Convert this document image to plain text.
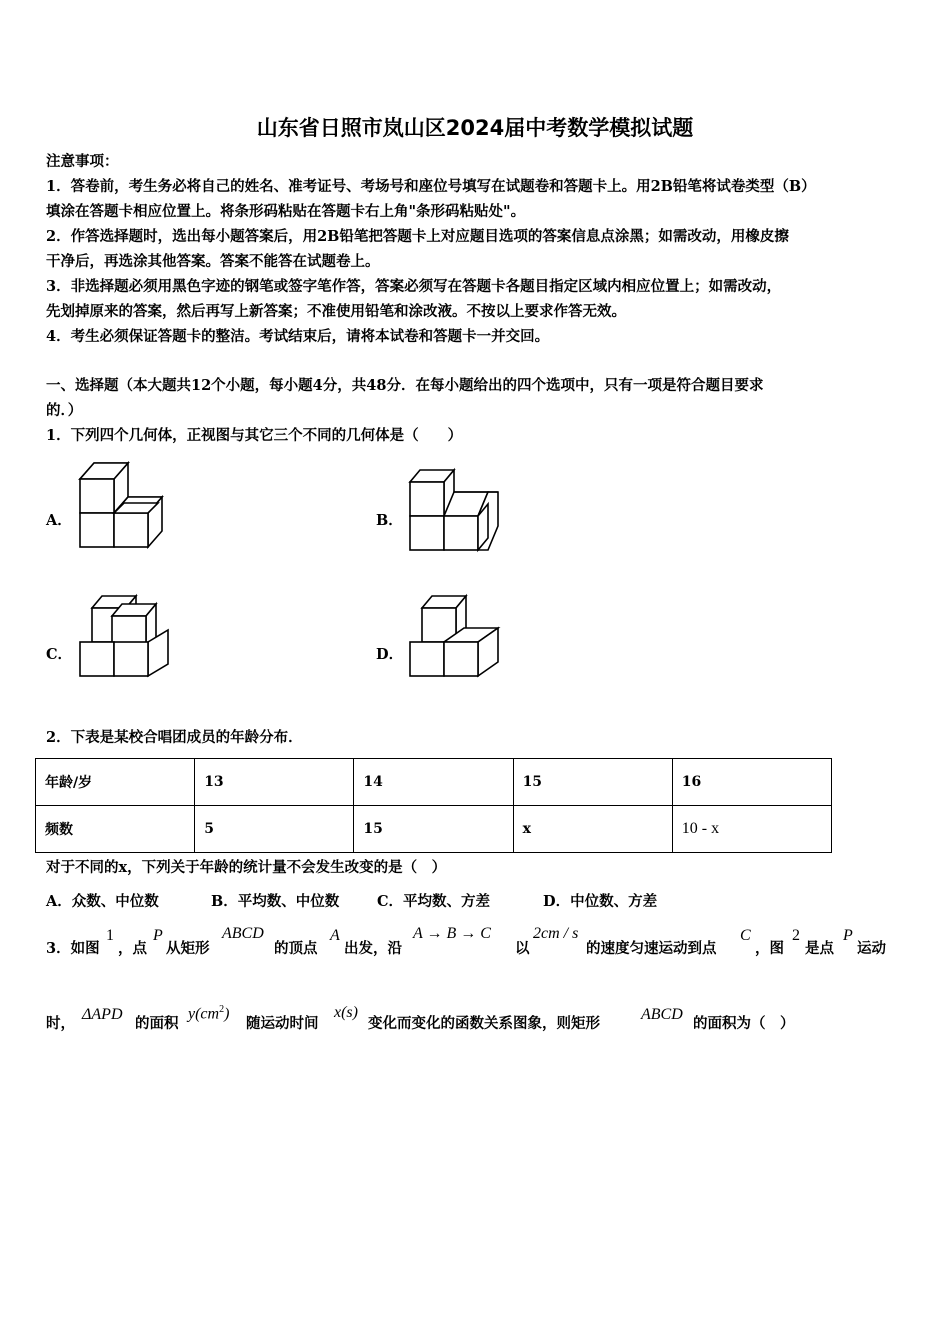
山东省日照市岚山区2024届中考数学模拟试题
注意事项：
1．答卷前，考生务必将自己的姓名、准考证号、考场号和座位号填写在试题卷和答题卡上。用2B铅笔将试卷类型（B）
填涂在答题卡相应位置上。将条形码粘贴在答题卡右上角"条形码粘贴处"。
2．作答选择题时，选出每小题答案后，用2B铅笔把答题卡上对应题目选项的答案信息点涂黑；如需改动，用橡皮擦
干净后，再选涂其他答案。答案不能答在试题卷上。
3．非选择题必须用黑色字迹的钢笔或签字笔作答，答案必须写在答题卡各题目指定区域内相应位置上；如需改动，
先划掉原来的答案，然后再写上新答案；不准使用铅笔和涂改液。不按以上要求作答无效。
4．考生必须保证答题卡的整洁。考试结束后，请将本试卷和答题卡一并交回。
一、选择题（本大题共12个小题，每小题4分，共48分．在每小题给出的四个选项中，只有一项是符合题目要求
的．）
1．下列四个几何体，正视图与其它三个不同的几何体是（　　）
A．	B．
C．	D．
2．下表是某校合唱团成员的年龄分布．
年龄/岁	13	14	15	16
频数	5	15	x	10 - x
对于不同的x，下列关于年龄的统计量不会发生改变的是（　）
A．众数、中位数	B．平均数、中位数	C．平均数、方差	D．中位数、方差
3．如图
1
，点
P
从矩形
ABCD
的顶点
A
出发，沿
A → B → C
以
2cm / s
的速度匀速运动到点
C
，图
2
是点
P
运动
时，
ΔAPD
的面积
$y(cm^2)$
随运动时间
x(s)
变化而变化的函数关系图象，则矩形
ABCD
的面积为（　）
